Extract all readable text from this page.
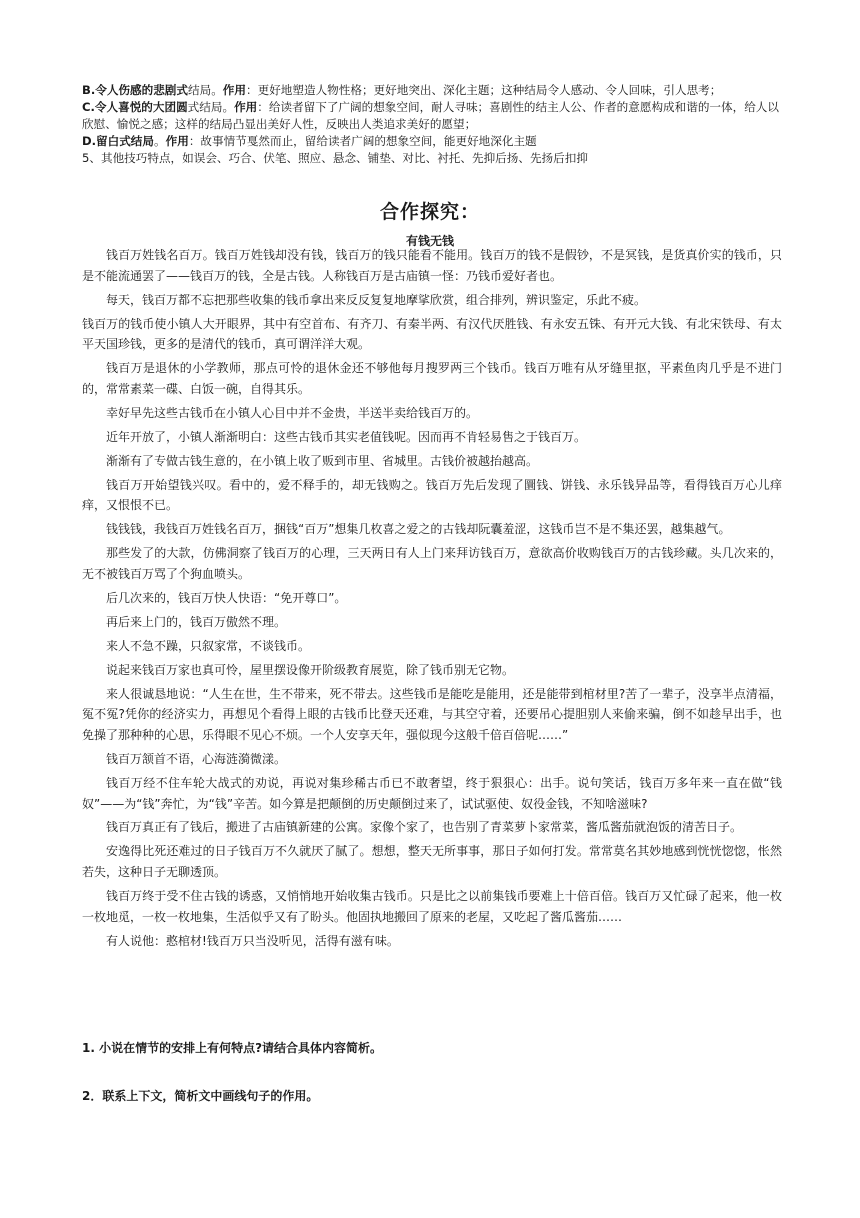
B.令人伤感的悲剧式结局。作用：更好地塑造人物性格；更好地突出、深化主题；这种结局令人感动、令人回味，引人思考；

C.令人喜悦的大团圆式结局。作用：给读者留下了广阔的想象空间，耐人寻味；喜剧性的结主人公、作者的意愿构成和谐的一体，给人以欣慰、愉悦之感；这样的结局凸显出美好人性，反映出人类追求美好的愿望；

D.留白式结局。作用：故事情节戛然而止，留给读者广阔的想象空间，能更好地深化主题

5、其他技巧特点，如误会、巧合、伏笔、照应、悬念、铺垫、对比、衬托、先抑后扬、先扬后扣抑

合作探究：
有钱无钱

钱百万姓钱名百万。钱百万姓钱却没有钱，钱百万的钱只能看不能用。钱百万的钱不是假钞，不是冥钱，是货真价实的钱币，只是不能流通罢了——钱百万的钱，全是古钱。人称钱百万是古庙镇一怪：乃钱币爱好者也。

每天，钱百万都不忘把那些收集的钱币拿出来反反复复地摩挲欣赏，组合排列，辨识鉴定，乐此不疲。

钱百万的钱币使小镇人大开眼界，其中有空首布、有齐刀、有秦半两、有汉代厌胜钱、有永安五铢、有开元大钱、有北宋铁母、有太平天国珍钱，更多的是清代的钱币，真可谓洋洋大观。

钱百万是退休的小学教师，那点可怜的退休金还不够他每月搜罗两三个钱币。钱百万唯有从牙缝里抠，平素鱼肉几乎是不进门的，常常素菜一碟、白饭一碗，自得其乐。

幸好早先这些古钱币在小镇人心目中并不金贵，半送半卖给钱百万的。

近年开放了，小镇人渐渐明白：这些古钱币其实老值钱呢。因而再不肯轻易售之于钱百万。

渐渐有了专做古钱生意的，在小镇上收了贩到市里、省城里。古钱价被越抬越高。

钱百万开始望钱兴叹。看中的，爱不释手的，却无钱购之。钱百万先后发现了圜钱、饼钱、永乐钱异品等，看得钱百万心儿痒痒，又恨恨不已。

钱钱钱，我钱百万姓钱名百万，捆钱“百万”想集几枚喜之爱之的古钱却阮囊羞涩，这钱币岂不是不集还罢，越集越气。

那些发了的大款，仿佛洞察了钱百万的心理，三天两日有人上门来拜访钱百万，意欲高价收购钱百万的古钱珍藏。头几次来的，无不被钱百万骂了个狗血喷头。

后几次来的，钱百万快人快语：“免开尊口”。

再后来上门的，钱百万傲然不理。

来人不急不躁，只叙家常，不谈钱币。

说起来钱百万家也真可怜，屋里摆设像开阶级教育展览，除了钱币别无它物。

来人很诚恳地说：“人生在世，生不带来，死不带去。这些钱币是能吃是能用，还是能带到棺材里?苦了一辈子，没享半点清福，冤不冤?凭你的经济实力，再想见个看得上眼的古钱币比登天还难，与其空守着，还要吊心提胆别人来偷来骗，倒不如趁早出手，也免操了那种种的心思，乐得眼不见心不烦。一个人安享天年，强似现今这般千倍百倍呢……”

钱百万颔首不语，心海涟漪微漾。

钱百万经不住车轮大战式的劝说，再说对集珍稀古币已不敢奢望，终于狠狠心：出手。说句笑话，钱百万多年来一直在做“钱奴”——为“钱”奔忙，为“钱”辛苦。如今算是把颠倒的历史颠倒过来了，试试驱使、奴役金钱，不知啥滋味?

钱百万真正有了钱后，搬进了古庙镇新建的公寓。家像个家了，也告别了青菜萝卜家常菜，酱瓜酱茄就泡饭的清苦日子。

安逸得比死还难过的日子钱百万不久就厌了腻了。想想，整天无所事事，那日子如何打发。常常莫名其妙地感到恍恍惚惚，怅然若失，这种日子无聊透顶。

钱百万终于受不住古钱的诱惑，又悄悄地开始收集古钱币。只是比之以前集钱币要难上十倍百倍。钱百万又忙碌了起来，他一枚一枚地觅，一枚一枚地集，生活似乎又有了盼头。他固执地搬回了原来的老屋，又吃起了酱瓜酱茄……

有人说他：憨棺材!钱百万只当没听见，活得有滋有味。

1. 小说在情节的安排上有何特点?请结合具体内容简析。
2．联系上下文，简析文中画线句子的作用。
